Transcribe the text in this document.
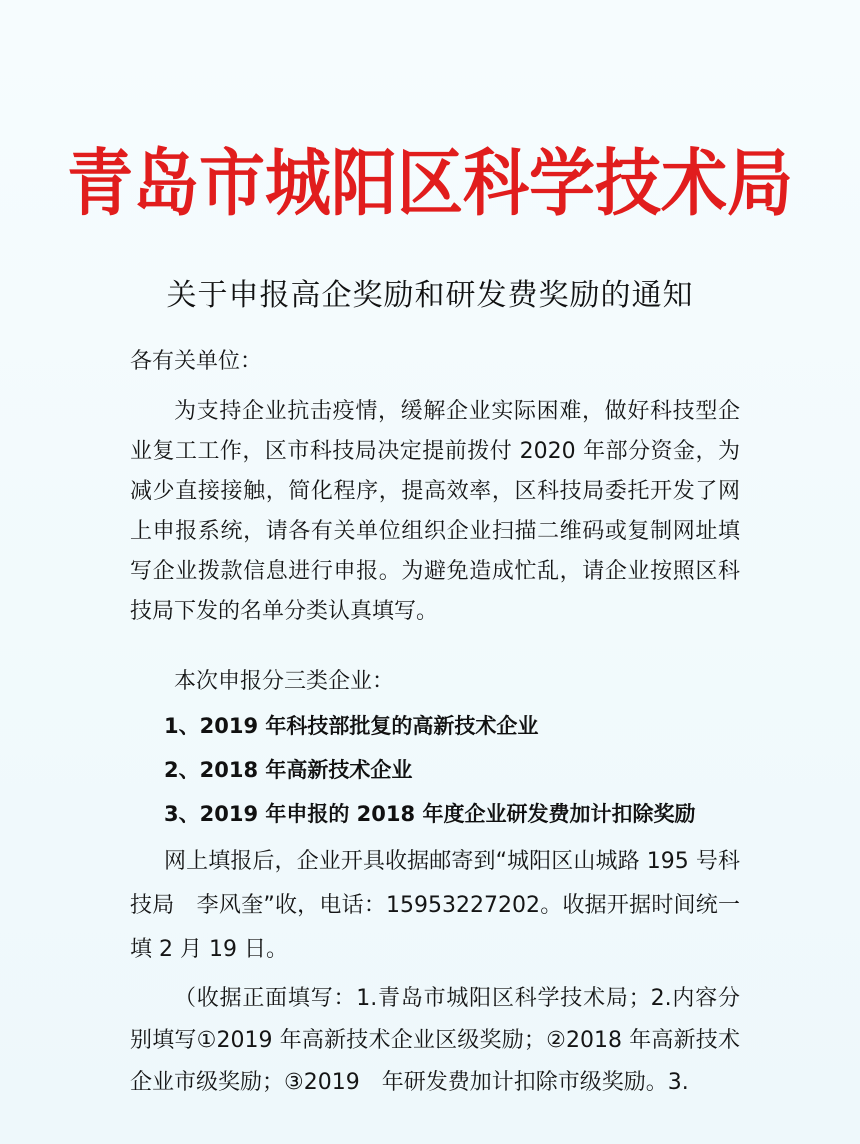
青岛市城阳区科学技术局
关于申报高企奖励和研发费奖励的通知
各有关单位：
为支持企业抗击疫情，缓解企业实际困难，做好科技型企业复工工作，区市科技局决定提前拨付 2020 年部分资金，为减少直接接触，简化程序，提高效率，区科技局委托开发了网上申报系统，请各有关单位组织企业扫描二维码或复制网址填写企业拨款信息进行申报。为避免造成忙乱，请企业按照区科技局下发的名单分类认真填写。
本次申报分三类企业：
1、2019 年科技部批复的高新技术企业
2、2018 年高新技术企业
3、2019 年申报的 2018 年度企业研发费加计扣除奖励
网上填报后，企业开具收据邮寄到“城阳区山城路 195 号科技局　李风奎”收，电话：15953227202。收据开据时间统一填 2 月 19 日。
（收据正面填写：1.青岛市城阳区科学技术局；2.内容分别填写①2019 年高新技术企业区级奖励；②2018 年高新技术企业市级奖励；③2019　年研发费加计扣除市级奖励。3.
